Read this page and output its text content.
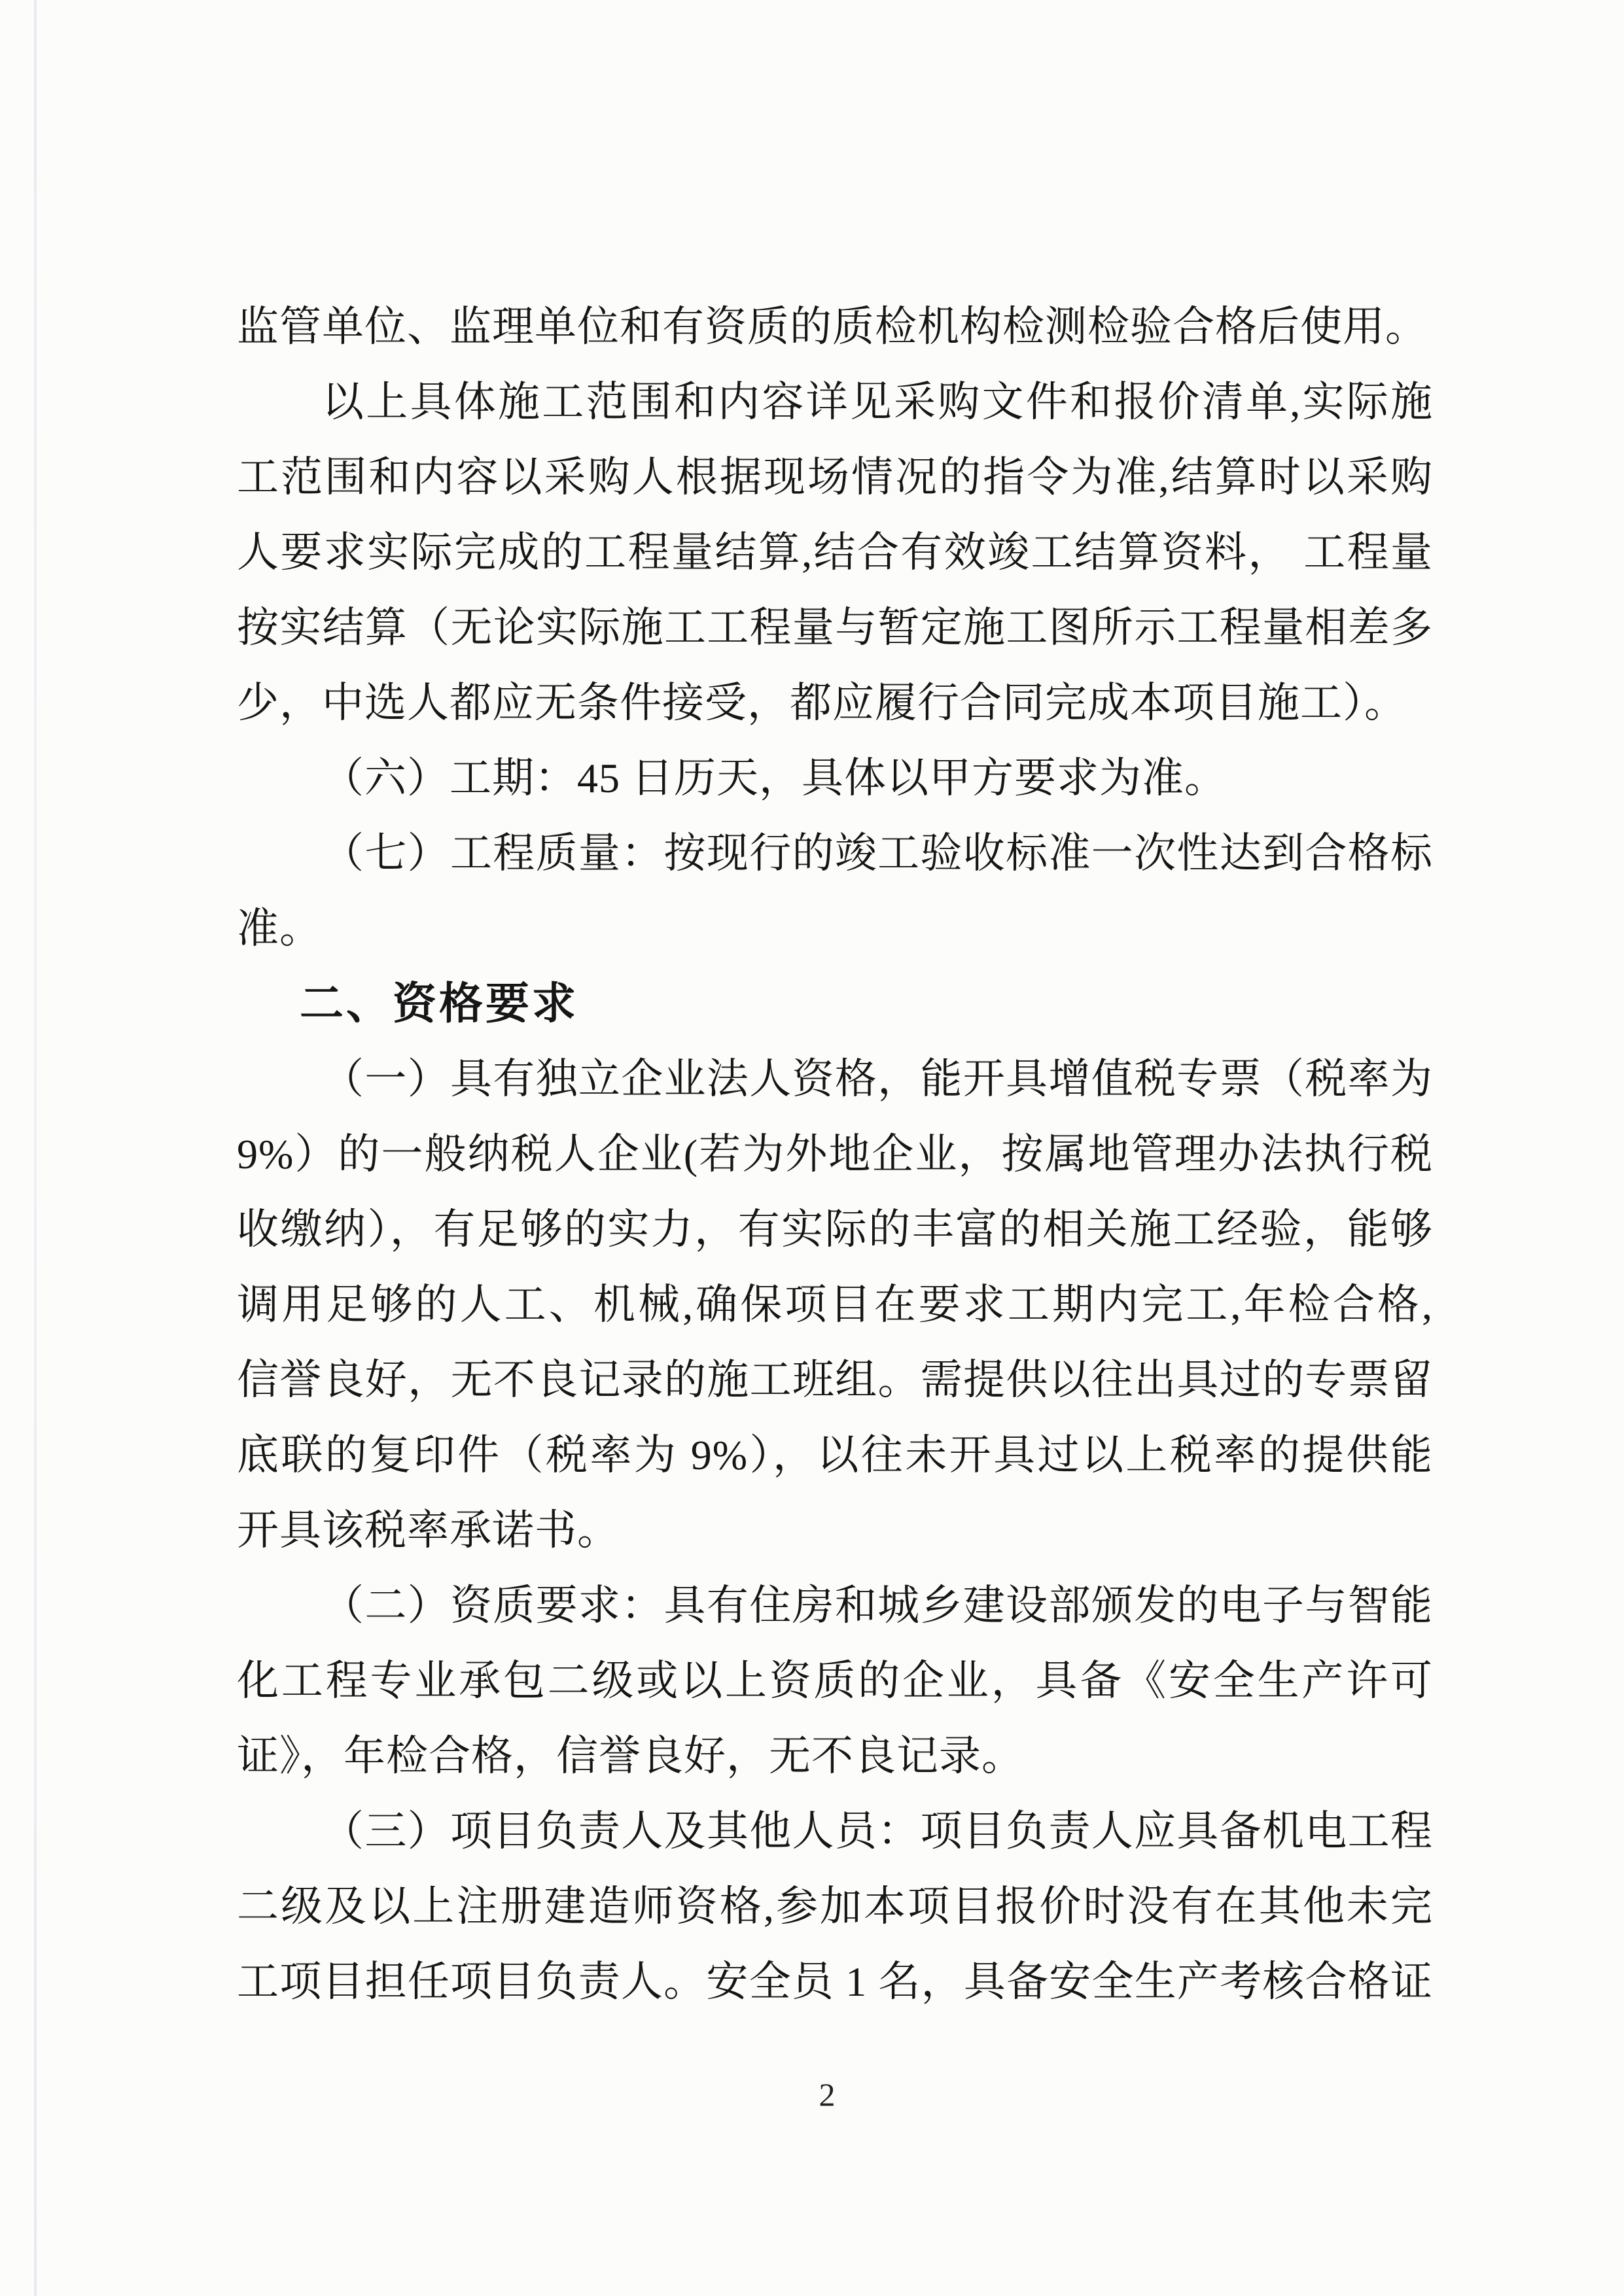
监管单位、监理单位和有资质的质检机构检测检验合格后使用。

以上具体施工范围和内容详见采购文件和报价清单,实际施

工范围和内容以采购人根据现场情况的指令为准,结算时以采购

人要求实际完成的工程量结算,结合有效竣工结算资料， 工程量

按实结算（无论实际施工工程量与暂定施工图所示工程量相差多

少，中选人都应无条件接受，都应履行合同完成本项目施工）。

（六）工期：45 日历天，具体以甲方要求为准。

（七）工程质量：按现行的竣工验收标准一次性达到合格标

准。

二、资格要求

（一）具有独立企业法人资格，能开具增值税专票（税率为

9%）的一般纳税人企业(若为外地企业，按属地管理办法执行税

收缴纳），有足够的实力，有实际的丰富的相关施工经验，能够

调用足够的人工、机械,确保项目在要求工期内完工,年检合格,

信誉良好，无不良记录的施工班组。需提供以往出具过的专票留

底联的复印件（税率为 9%），以往未开具过以上税率的提供能

开具该税率承诺书。

（二）资质要求：具有住房和城乡建设部颁发的电子与智能

化工程专业承包二级或以上资质的企业，具备《安全生产许可

证》，年检合格，信誉良好，无不良记录。

（三）项目负责人及其他人员：项目负责人应具备机电工程

二级及以上注册建造师资格,参加本项目报价时没有在其他未完

工项目担任项目负责人。安全员 1 名，具备安全生产考核合格证

2
